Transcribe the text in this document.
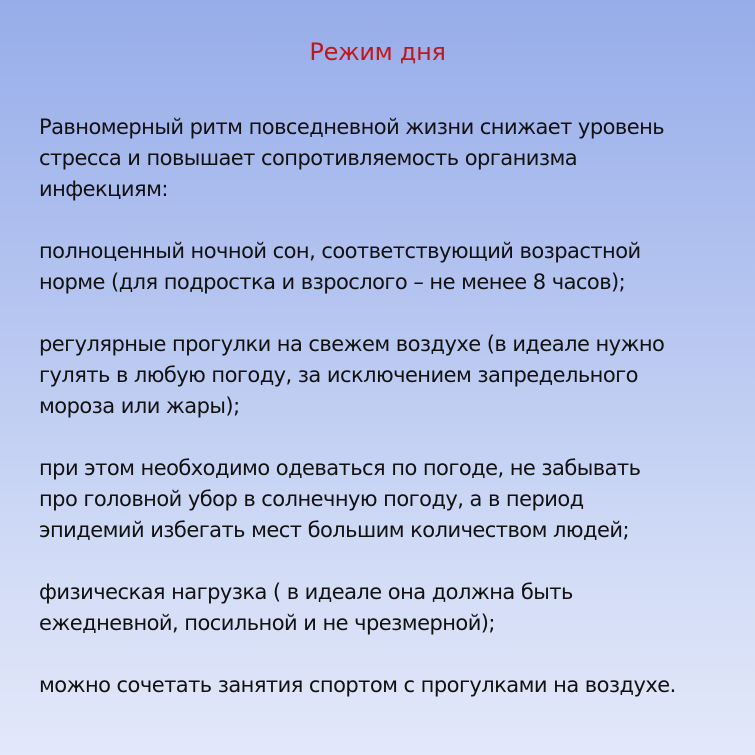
Режим дня
Равномерный ритм повседневной жизни снижает уровень
стресса и повышает сопротивляемость организма
инфекциям:
полноценный ночной сон, соответствующий возрастной
норме (для подростка и взрослого – не менее 8 часов);
регулярные прогулки на свежем воздухе (в идеале нужно
гулять в любую погоду, за исключением запредельного
мороза или жары);
при этом необходимо одеваться по погоде, не забывать
про головной убор в солнечную погоду, а в период
эпидемий избегать мест большим количеством людей;
физическая нагрузка ( в идеале она должна быть
ежедневной, посильной и не чрезмерной);
можно сочетать занятия спортом с прогулками на воздухе.
